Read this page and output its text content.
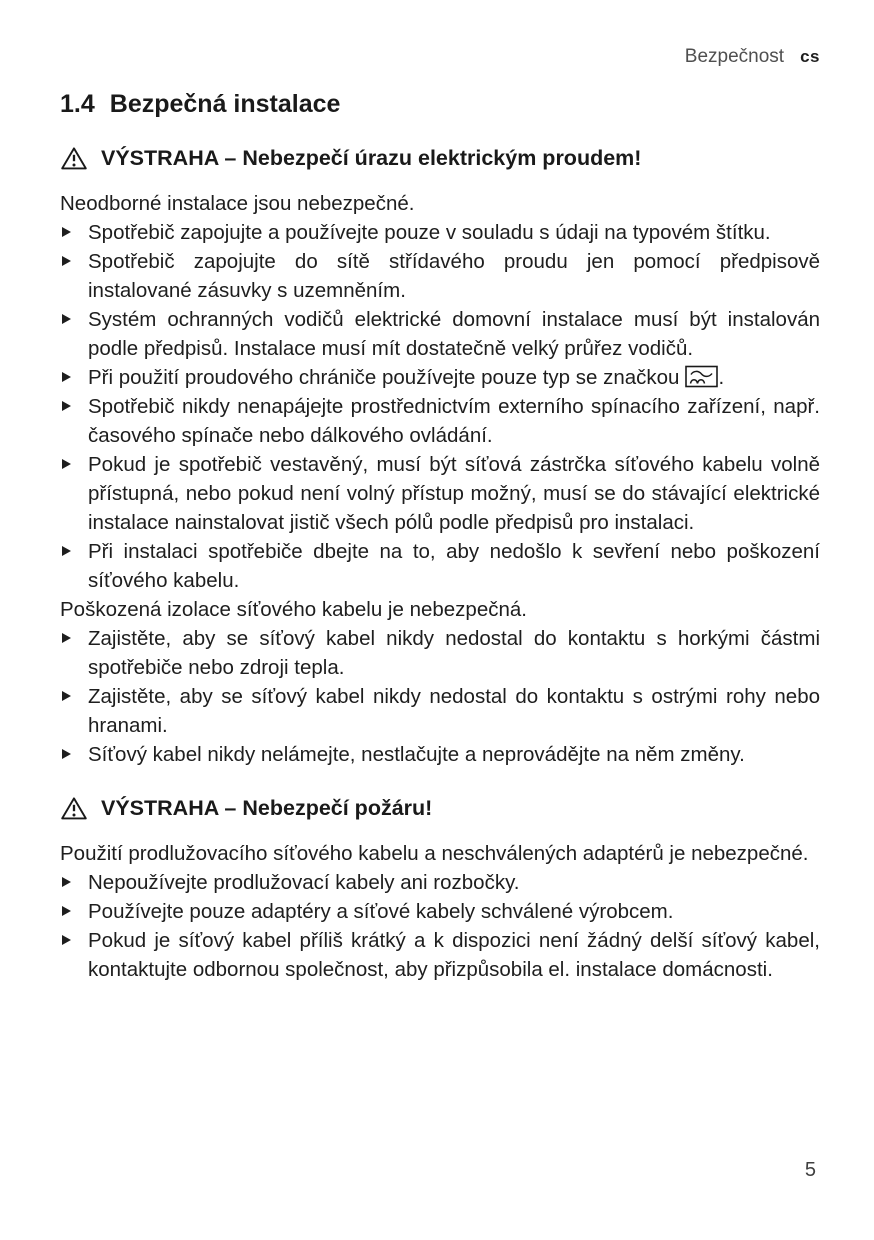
Bezpečnost cs
1.4 Bezpečná instalace
VÝSTRAHA – Nebezpečí úrazu elektrickým proudem!

Neodborné instalace jsou nebezpečné.

Spotřebič zapojujte a používejte pouze v souladu s údaji na typovém štítku.
Spotřebič zapojujte do sítě střídavého proudu jen pomocí předpisově instalované zásuvky s uzemněním.
Systém ochranných vodičů elektrické domovní instalace musí být instalován podle předpisů. Instalace musí mít dostatečně velký průřez vodičů.
Při použití proudového chrániče používejte pouze typ se značkou .
Spotřebič nikdy nenapájejte prostřednictvím externího spínacího zařízení, např. časového spínače nebo dálkového ovládání.
Pokud je spotřebič vestavěný, musí být síťová zástrčka síťového kabelu volně přístupná, nebo pokud není volný přístup možný, musí se do stávající elektrické instalace nainstalovat jistič všech pólů podle předpisů pro instalaci.
Při instalaci spotřebiče dbejte na to, aby nedošlo k sevření nebo poškození síťového kabelu.

Poškozená izolace síťového kabelu je nebezpečná.

Zajistěte, aby se síťový kabel nikdy nedostal do kontaktu s horkými částmi spotřebiče nebo zdroji tepla.
Zajistěte, aby se síťový kabel nikdy nedostal do kontaktu s ostrými rohy nebo hranami.
Síťový kabel nikdy nelámejte, nestlačujte a neprovádějte na něm změny.
VÝSTRAHA – Nebezpečí požáru!

Použití prodlužovacího síťového kabelu a neschválených adaptérů je nebezpečné.

Nepoužívejte prodlužovací kabely ani rozbočky.
Používejte pouze adaptéry a síťové kabely schválené výrobcem.
Pokud je síťový kabel příliš krátký a k dispozici není žádný delší síťový kabel, kontaktujte odbornou společnost, aby přizpůsobila el. instalace domácnosti.
5
